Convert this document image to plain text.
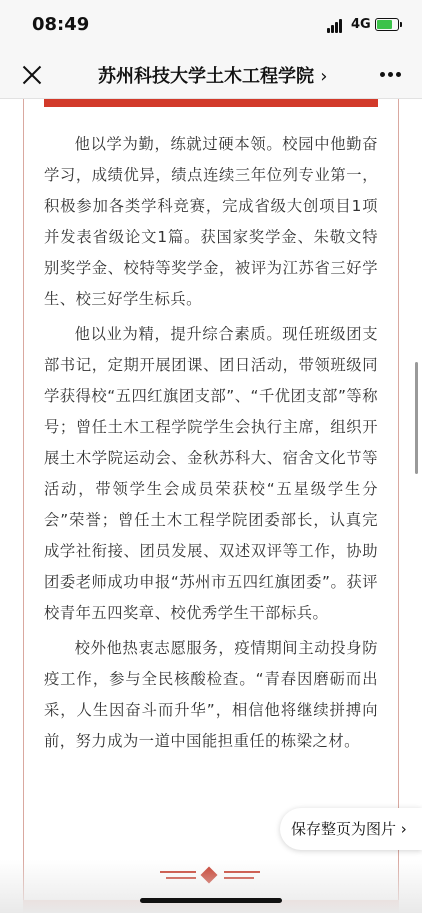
08:49	4G
苏州科技大学土木工程学院 ›

他以学为勤，练就过硬本领。校园中他勤奋学习，成绩优异，绩点连续三年位列专业第一，积极参加各类学科竞赛，完成省级大创项目1项并发表省级论文1篇。获国家奖学金、朱敬文特别奖学金、校特等奖学金，被评为江苏省三好学生、校三好学生标兵。

他以业为精，提升综合素质。现任班级团支部书记，定期开展团课、团日活动，带领班级同学获得校“五四红旗团支部”、“千优团支部”等称号；曾任土木工程学院学生会执行主席，组织开展土木学院运动会、金秋苏科大、宿舍文化节等活动，带领学生会成员荣获校“五星级学生分会”荣誉；曾任土木工程学院团委部长，认真完成学社衔接、团员发展、双述双评等工作，协助团委老师成功申报“苏州市五四红旗团委”。获评校青年五四奖章、校优秀学生干部标兵。

校外他热衷志愿服务，疫情期间主动投身防疫工作，参与全民核酸检查。“青春因磨砺而出采，人生因奋斗而升华”，相信他将继续拼搏向前，努力成为一道中国能担重任的栋梁之材。

保存整页为图片 ›
